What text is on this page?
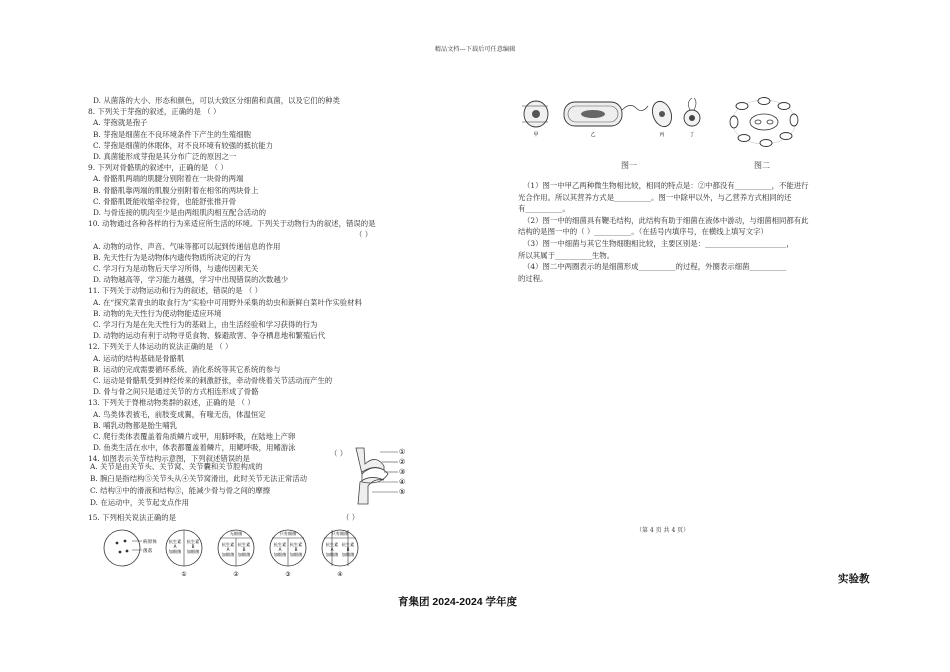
精品文档---下载后可任意编辑
D. 从菌落的大小、形态和颜色，可以大致区分细菌和真菌，以及它们的种类
8. 下列关于芽孢的叙述，正确的是 （ ）
A. 芽孢就是孢子
B. 芽孢是细菌在不良环境条件下产生的生殖细胞
C. 芽孢是细菌的休眠体，对不良环境有较强的抵抗能力
D. 真菌能形成芽孢是其分布广泛的原因之一
9. 下列对骨骼肌的叙述中，正确的是 （ ）
A. 骨骼肌两端的肌腱分别附着在一块骨的两端
B. 骨骼肌靠两端的肌腹分别附着在相邻的两块骨上
C. 骨骼肌既能收缩牵拉骨，也能舒张推开骨
D. 与骨连接的肌肉至少是由两组肌肉相互配合活动的
10. 动物通过各种各样的行为来适应所生活的环境。下列关于动物行为的叙述，错误的是
（ ）
A. 动物的动作、声音、气味等都可以起到传递信息的作用
B. 先天性行为是动物体内遗传物质所决定的行为
C. 学习行为是动物后天学习所得，与遗传因素无关
D. 动物越高等，学习能力越强，学习中出现错误的次数越少
11. 下列关于动物运动和行为的叙述，错误的是 （ ）
A. 在“探究菜青虫的取食行为”实验中可用野外采集的幼虫和新鲜白菜叶作实验材料
B. 动物的先天性行为使动物能适应环境
C. 学习行为是在先天性行为的基础上，由生活经验和学习获得的行为
D. 动物的运动有利于动物寻觅食物、躲避敌害、争夺栖息地和繁殖后代
12. 下列关于人体运动的说法正确的是 （ ）
A. 运动的结构基础是骨骼肌
B. 运动的完成需要循环系统、消化系统等其它系统的参与
C. 运动是骨骼肌受到神经传来的刺激舒张，牵动骨绕着关节活动而产生的
D. 骨与骨之间只是通过关节的方式相连形成了骨骼
13. 下列关于脊椎动物类群的叙述，正确的是 （ ）
A. 鸟类体表被毛，前肢变成翼，有喙无齿，体温恒定
B. 哺乳动物都是胎生哺乳
C. 爬行类体表覆盖着角质鳞片或甲，用肺呼吸，在陆地上产卵
D. 鱼类生活在水中，体表都覆盖着鳞片，用鳃呼吸，用鳍游泳
14. 如图表示关节结构示意图，下列叙述错误的是
（ ）
A. 关节是由关节头、关节窝、关节囊和关节腔构成的
B. 腕臼是指结构⑤关节头从④关节窝滑出，此时关节无法正常活动
C. 结构③中的滑液和结构⑤，能减少骨与骨之间的摩擦
D. 在运动中，关节起支点作用
①
②
③
④
⑤
15. 下列相关说法正确的是	（ ）
病原体
菌落
抗生素
A
加细菌
抗生素
B
加细菌
①
无细菌
抗生素
A
加细菌
抗生素
B
加细菌
②
只有细菌
抗生素
A
加细菌
抗生素
B
加细菌
③
只有细菌
抗生素
A
加细菌
抗生素
B
加细菌
④
甲	乙	丙	丁
图一	图二
（1）图一中甲乙两种微生物相比较，相同的特点是：②中都没有__________，不能进行
光合作用。所以其营养方式是__________。图一中除甲以外，与乙营养方式相同的还
有__________。
（2）图一中的细菌具有鞭毛结构，此结构有助于细菌在液体中游动，与细菌相同都有此
结构的是图一中的（ ）__________。（在括号内填序号，在横线上填写文字）
（3）图一中细菌与其它生物细胞相比较，主要区别是：______________________，
所以其属于__________生物。
（4）图二中两圈表示的是细菌形成__________的过程，外圈表示细菌__________
的过程。
（第 4 页 共 4 页）
实验教
育集团 2024-2024 学年度
